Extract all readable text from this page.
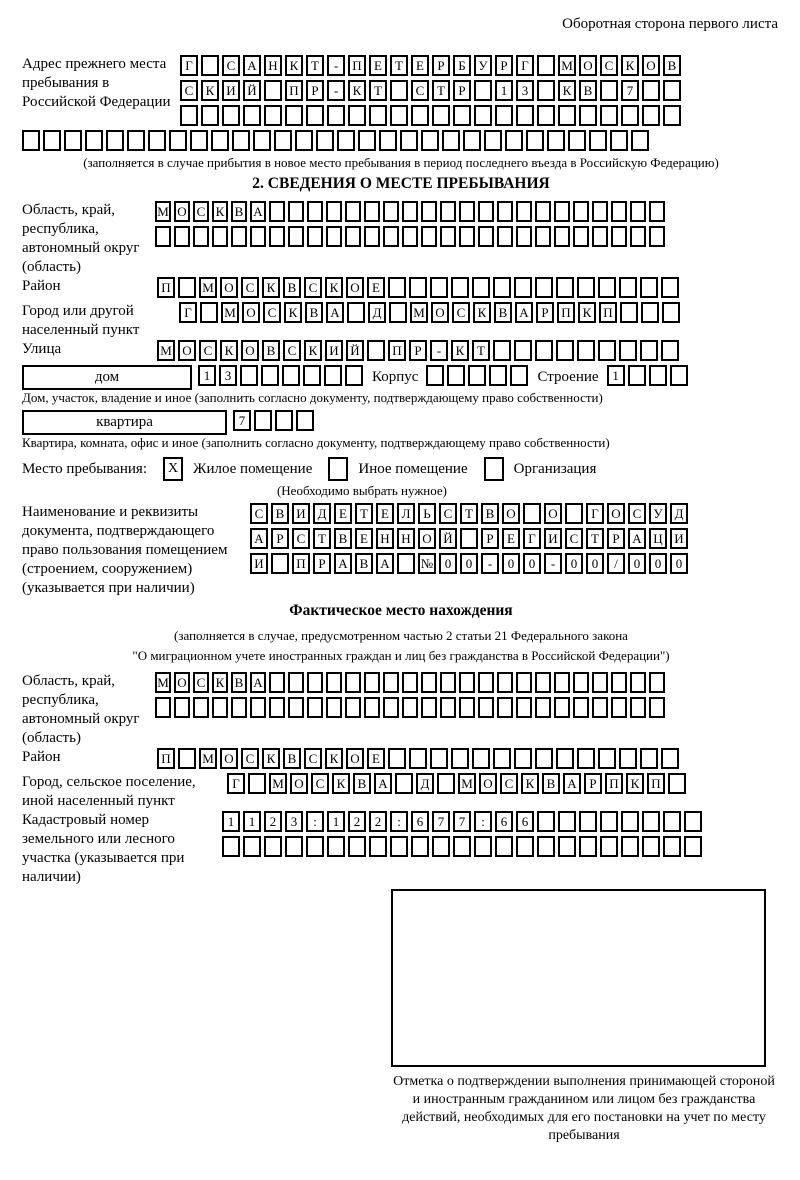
Оборотная сторона первого листа
Адрес прежнего места пребывания в Российской Федерации
Г	С А Н К Т	-	П Е	Т	Е	Р	Б У Р	Г	М О С К О В
С К И Й	П Р	-	К Т	С Т	Р	1	3	К В	7
(заполняется в случае прибытия в новое место пребывания в период последнего въезда в Российскую Федерацию)
2. СВЕДЕНИЯ О МЕСТЕ ПРЕБЫВАНИЯ
Область, край, республика, автономный округ (область)
М О С К В А
Район	П	М О С К В С К О Е
Город или другой населенный пункт
Г	М О С К В А	Д	М О С К В А Р П К П
Улица	М О С К О В С К И Й	П Р	-	К Т
дом	1	3	Корпус	Строение	1
Дом, участок, владение и иное (заполнить согласно документу, подтверждающему право собственности)
квартира	7
Квартира, комната, офис и иное (заполнить согласно документу, подтверждающему право собственности)
Место пребывания:	X Жилое помещение	Иное помещение	Организация
(Необходимо выбрать нужное)
Наименование и реквизиты документа, подтверждающего право пользования помещением (строением, сооружением) (указывается при наличии)
С В И Д Е	Т	Е Л Ь С Т В О	О	Г О С У Д
А Р	С Т В Е Н Н О Й	Р	Е	Г И С Т	Р А Ц И
И	П Р А В А	№ 0	0	-	0	0	-	0	0	/	0	0	0
Фактическое место нахождения
(заполняется в случае, предусмотренном частью 2 статьи 21 Федерального закона
"О миграционном учете иностранных граждан и лиц без гражданства в Российской Федерации")
Область, край, республика, автономный округ (область)
М О С К В А
Район	П	М О С К В С К О Е
Город, сельское поселение, иной населенный пункт
Г	М О С К В А	Д	М О С К В А Р П К П
Кадастровый номер земельного или лесного участка (указывается при наличии)
1	1	2	3	:	1	2	2	:	6	7	7	:	6	6
Отметка о подтверждении выполнения принимающей стороной и иностранным гражданином или лицом без гражданства действий, необходимых для его постановки на учет по месту пребывания
